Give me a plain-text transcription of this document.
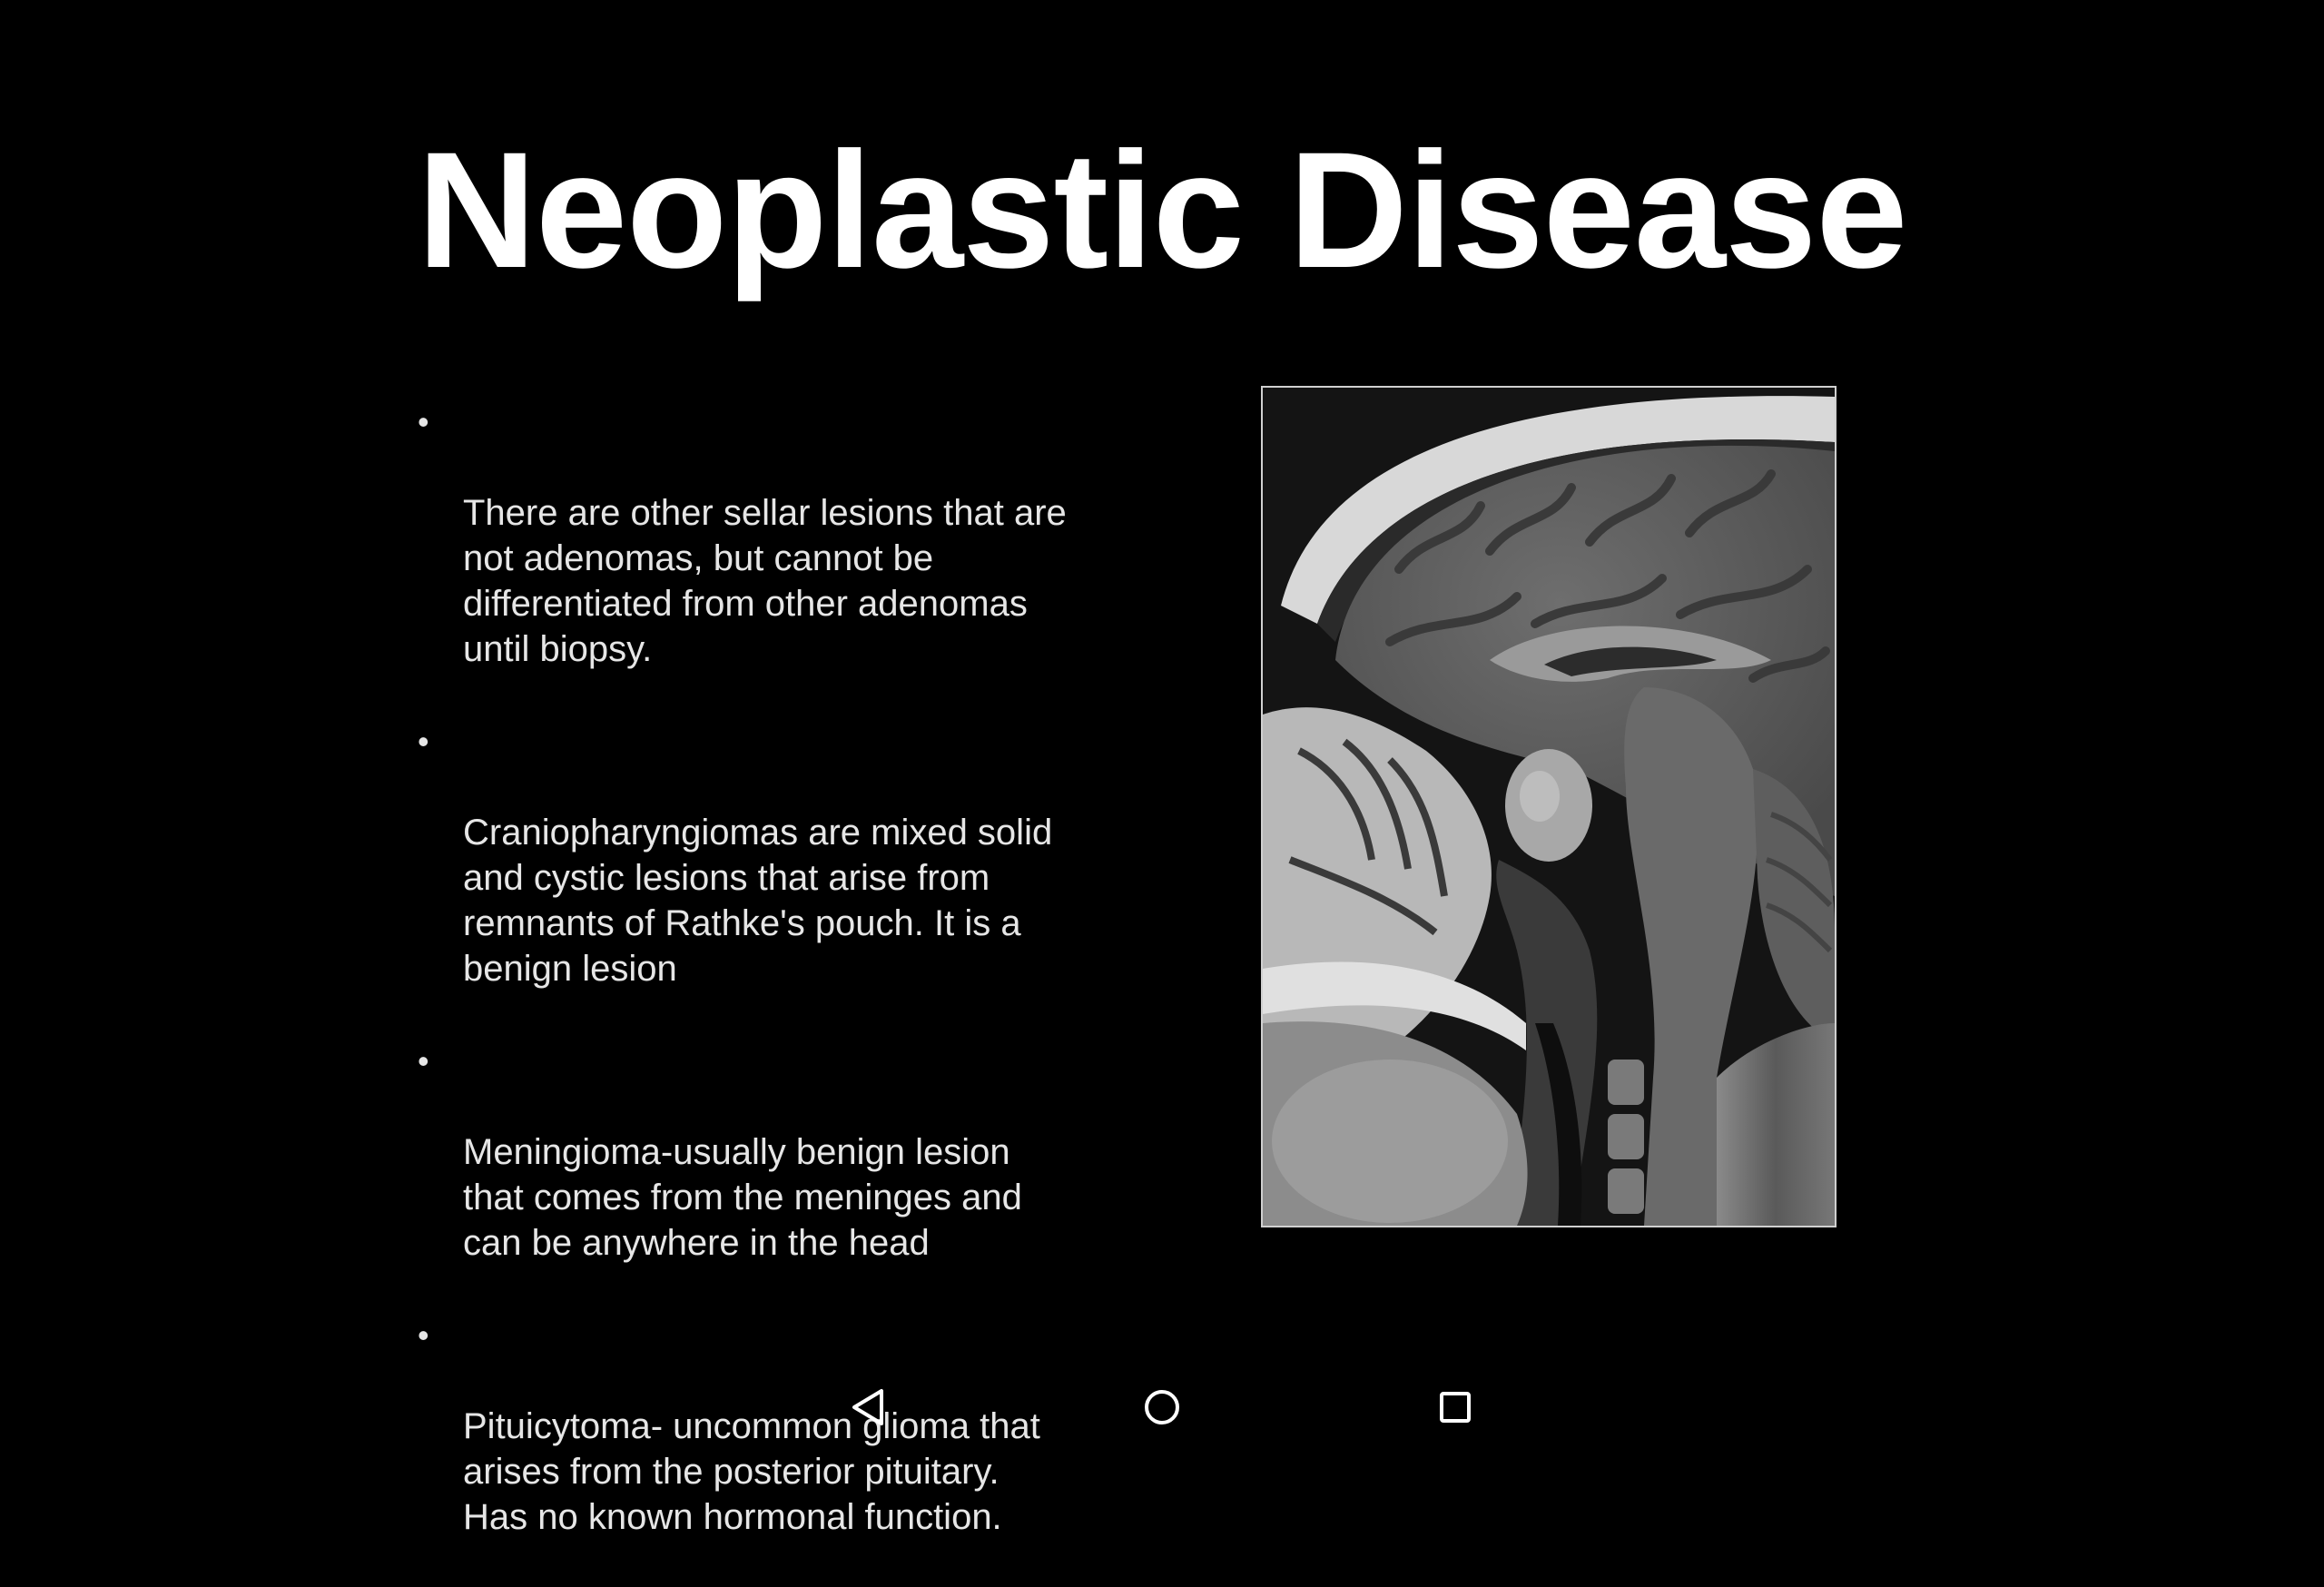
Neoplastic Disease

•

There are other sellar lesions that are
not adenomas, but cannot be
differentiated from other adenomas
until biopsy.

•

Craniopharyngiomas are mixed solid
and cystic lesions that arise from
remnants of Rathke's pouch. It is a
benign lesion

•

Meningioma-usually benign lesion
that comes from the meninges and
can be anywhere in the head

•

Pituicytoma- uncommon glioma that
arises from the posterior pituitary.
Has no known hormonal function.
